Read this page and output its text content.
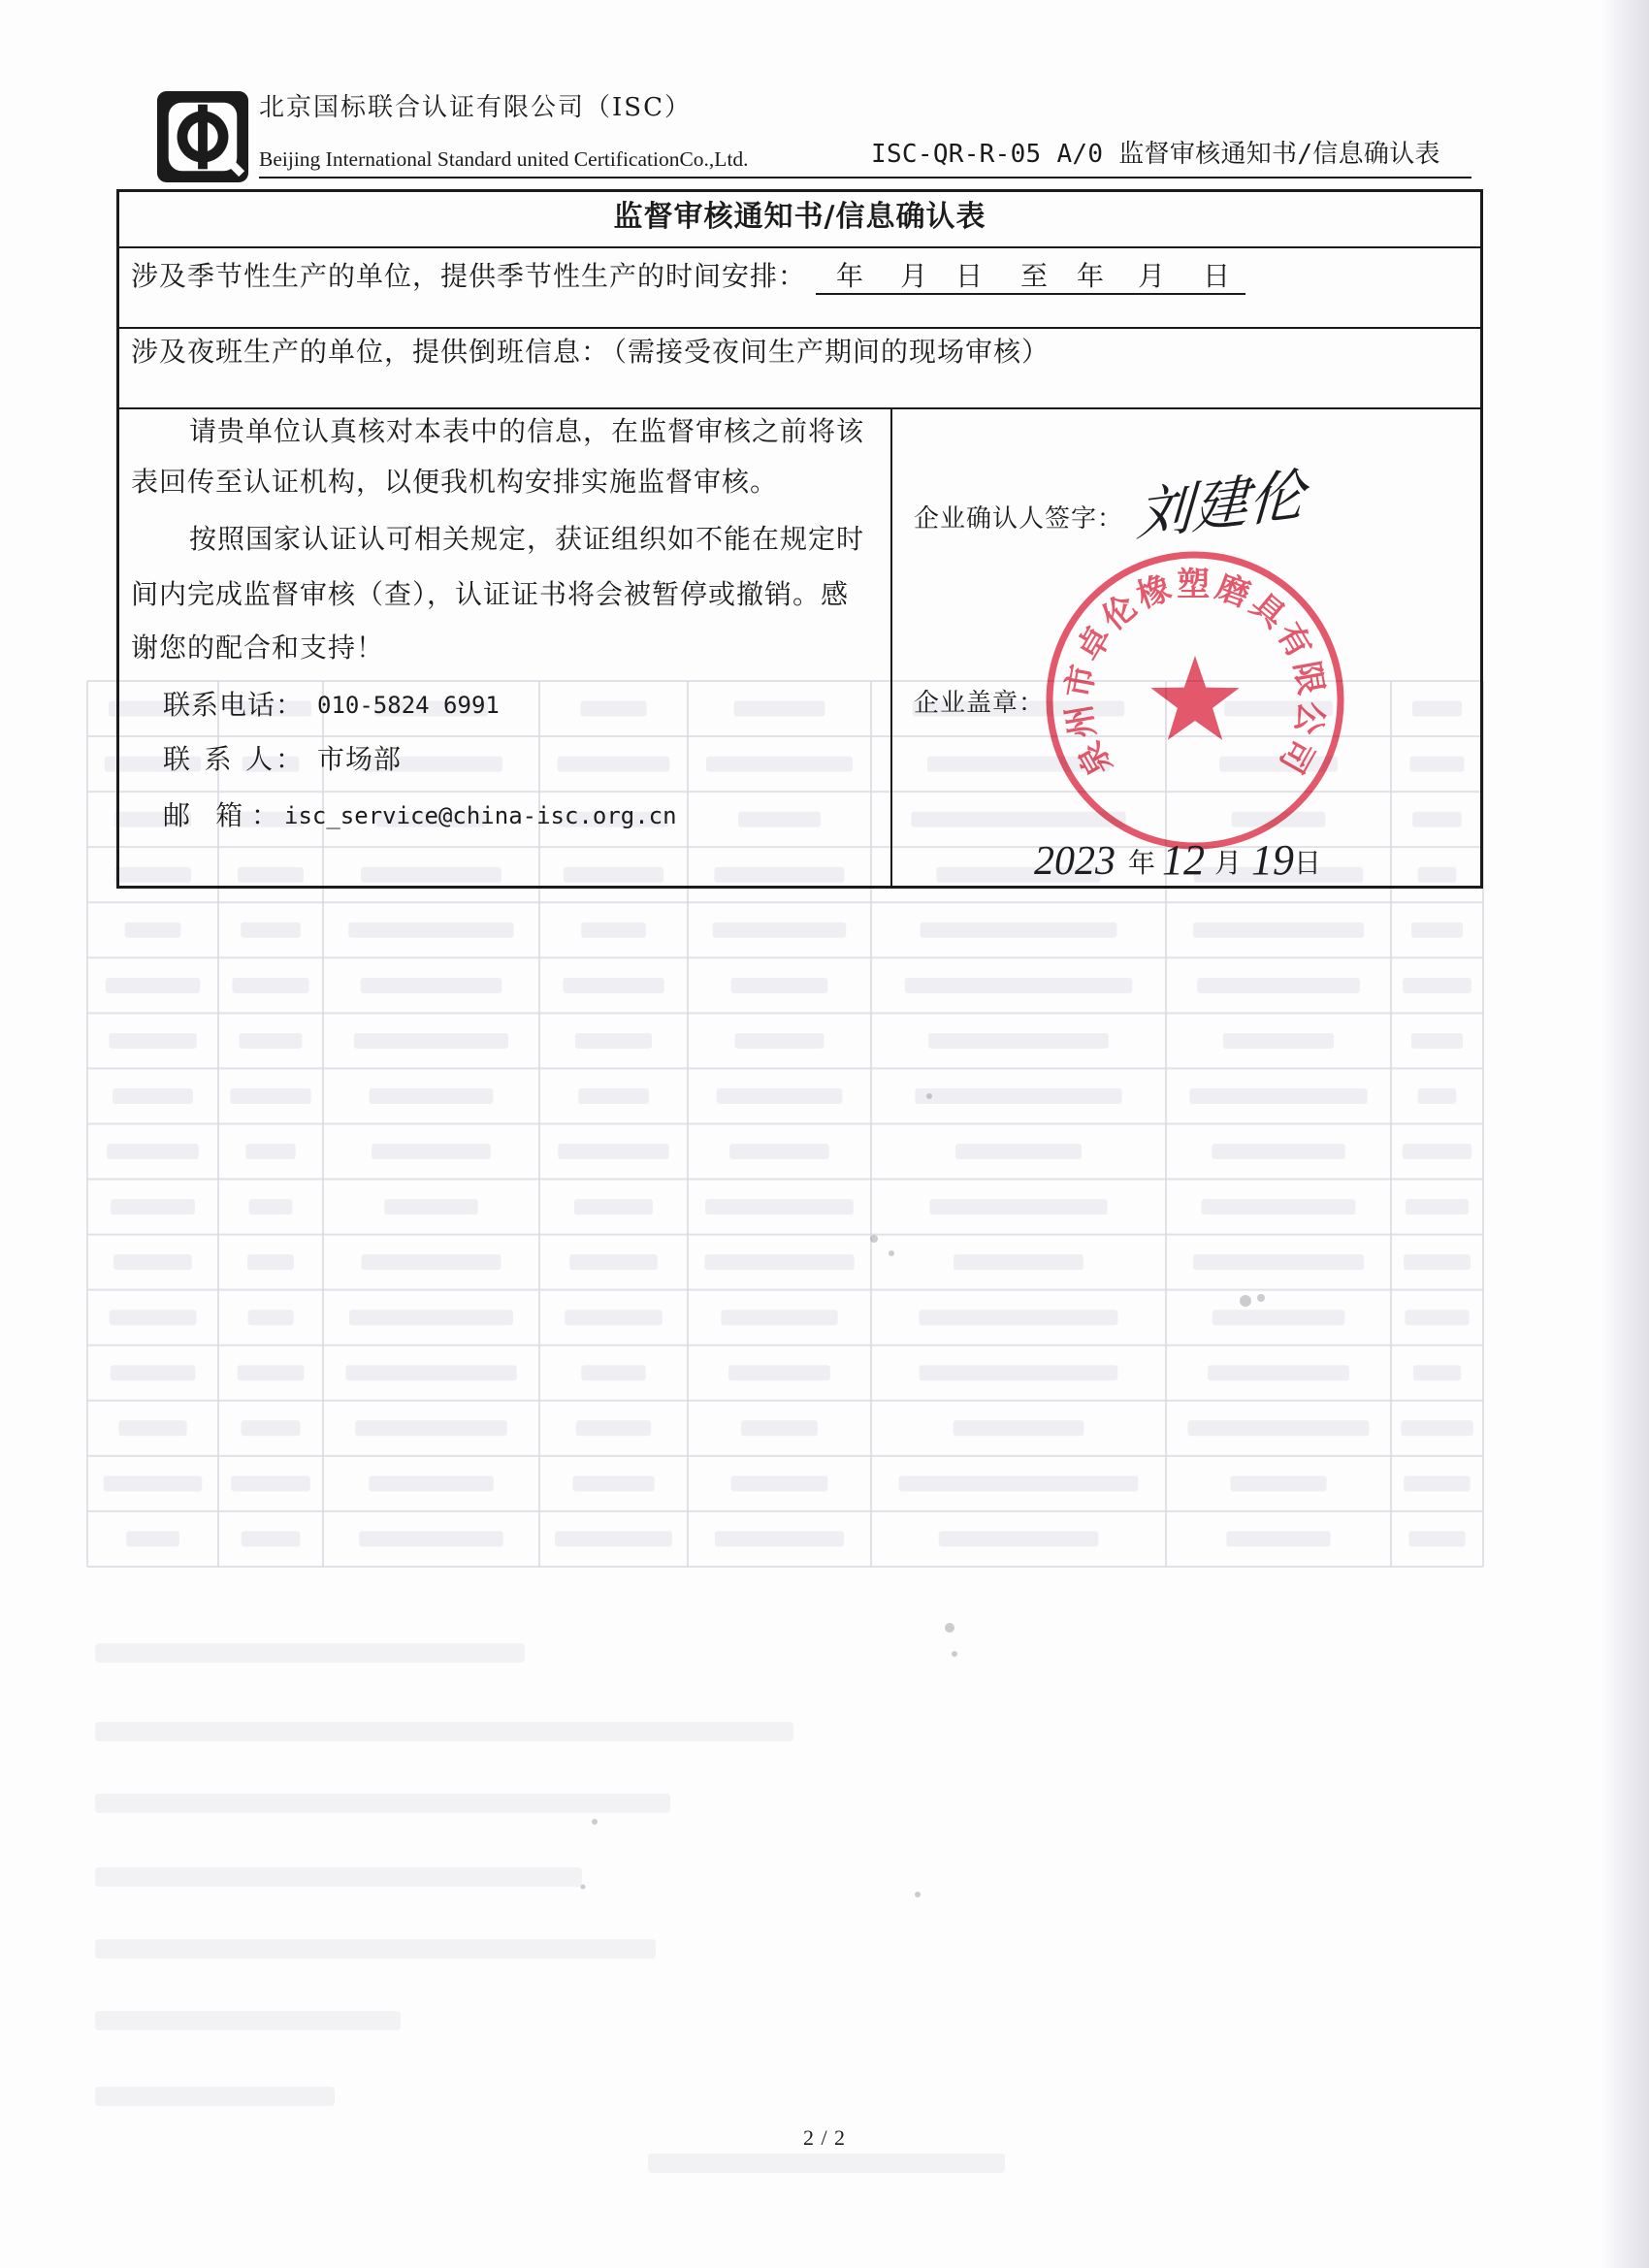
北京国标联合认证有限公司（ISC）
Beijing International Standard united CertificationCo.,Ltd.	ISC-QR-R-05 A/0 监督审核通知书/信息确认表
监督审核通知书/信息确认表
涉及季节性生产的单位，提供季节性生产的时间安排： 年 月 日 至 年 月 日
涉及夜班生产的单位，提供倒班信息： （需接受夜间生产期间的现场审核）
请贵单位认真核对本表中的信息，在监督审核之前将该
表回传至认证机构，以便我机构安排实施监督审核。
按照国家认证认可相关规定，获证组织如不能在规定时
间内完成监督审核（查），认证证书将会被暂停或撤销。感
谢您的配合和支持！
联系电话： 010-5824 6991
联 系 人： 市场部
邮 箱： isc_service@china-isc.org.cn
企业确认人签字：
企业盖章：
泉州市卓伦橡塑磨具有限公司
刘建伦
2023 年 12 月 19 日
2 / 2
